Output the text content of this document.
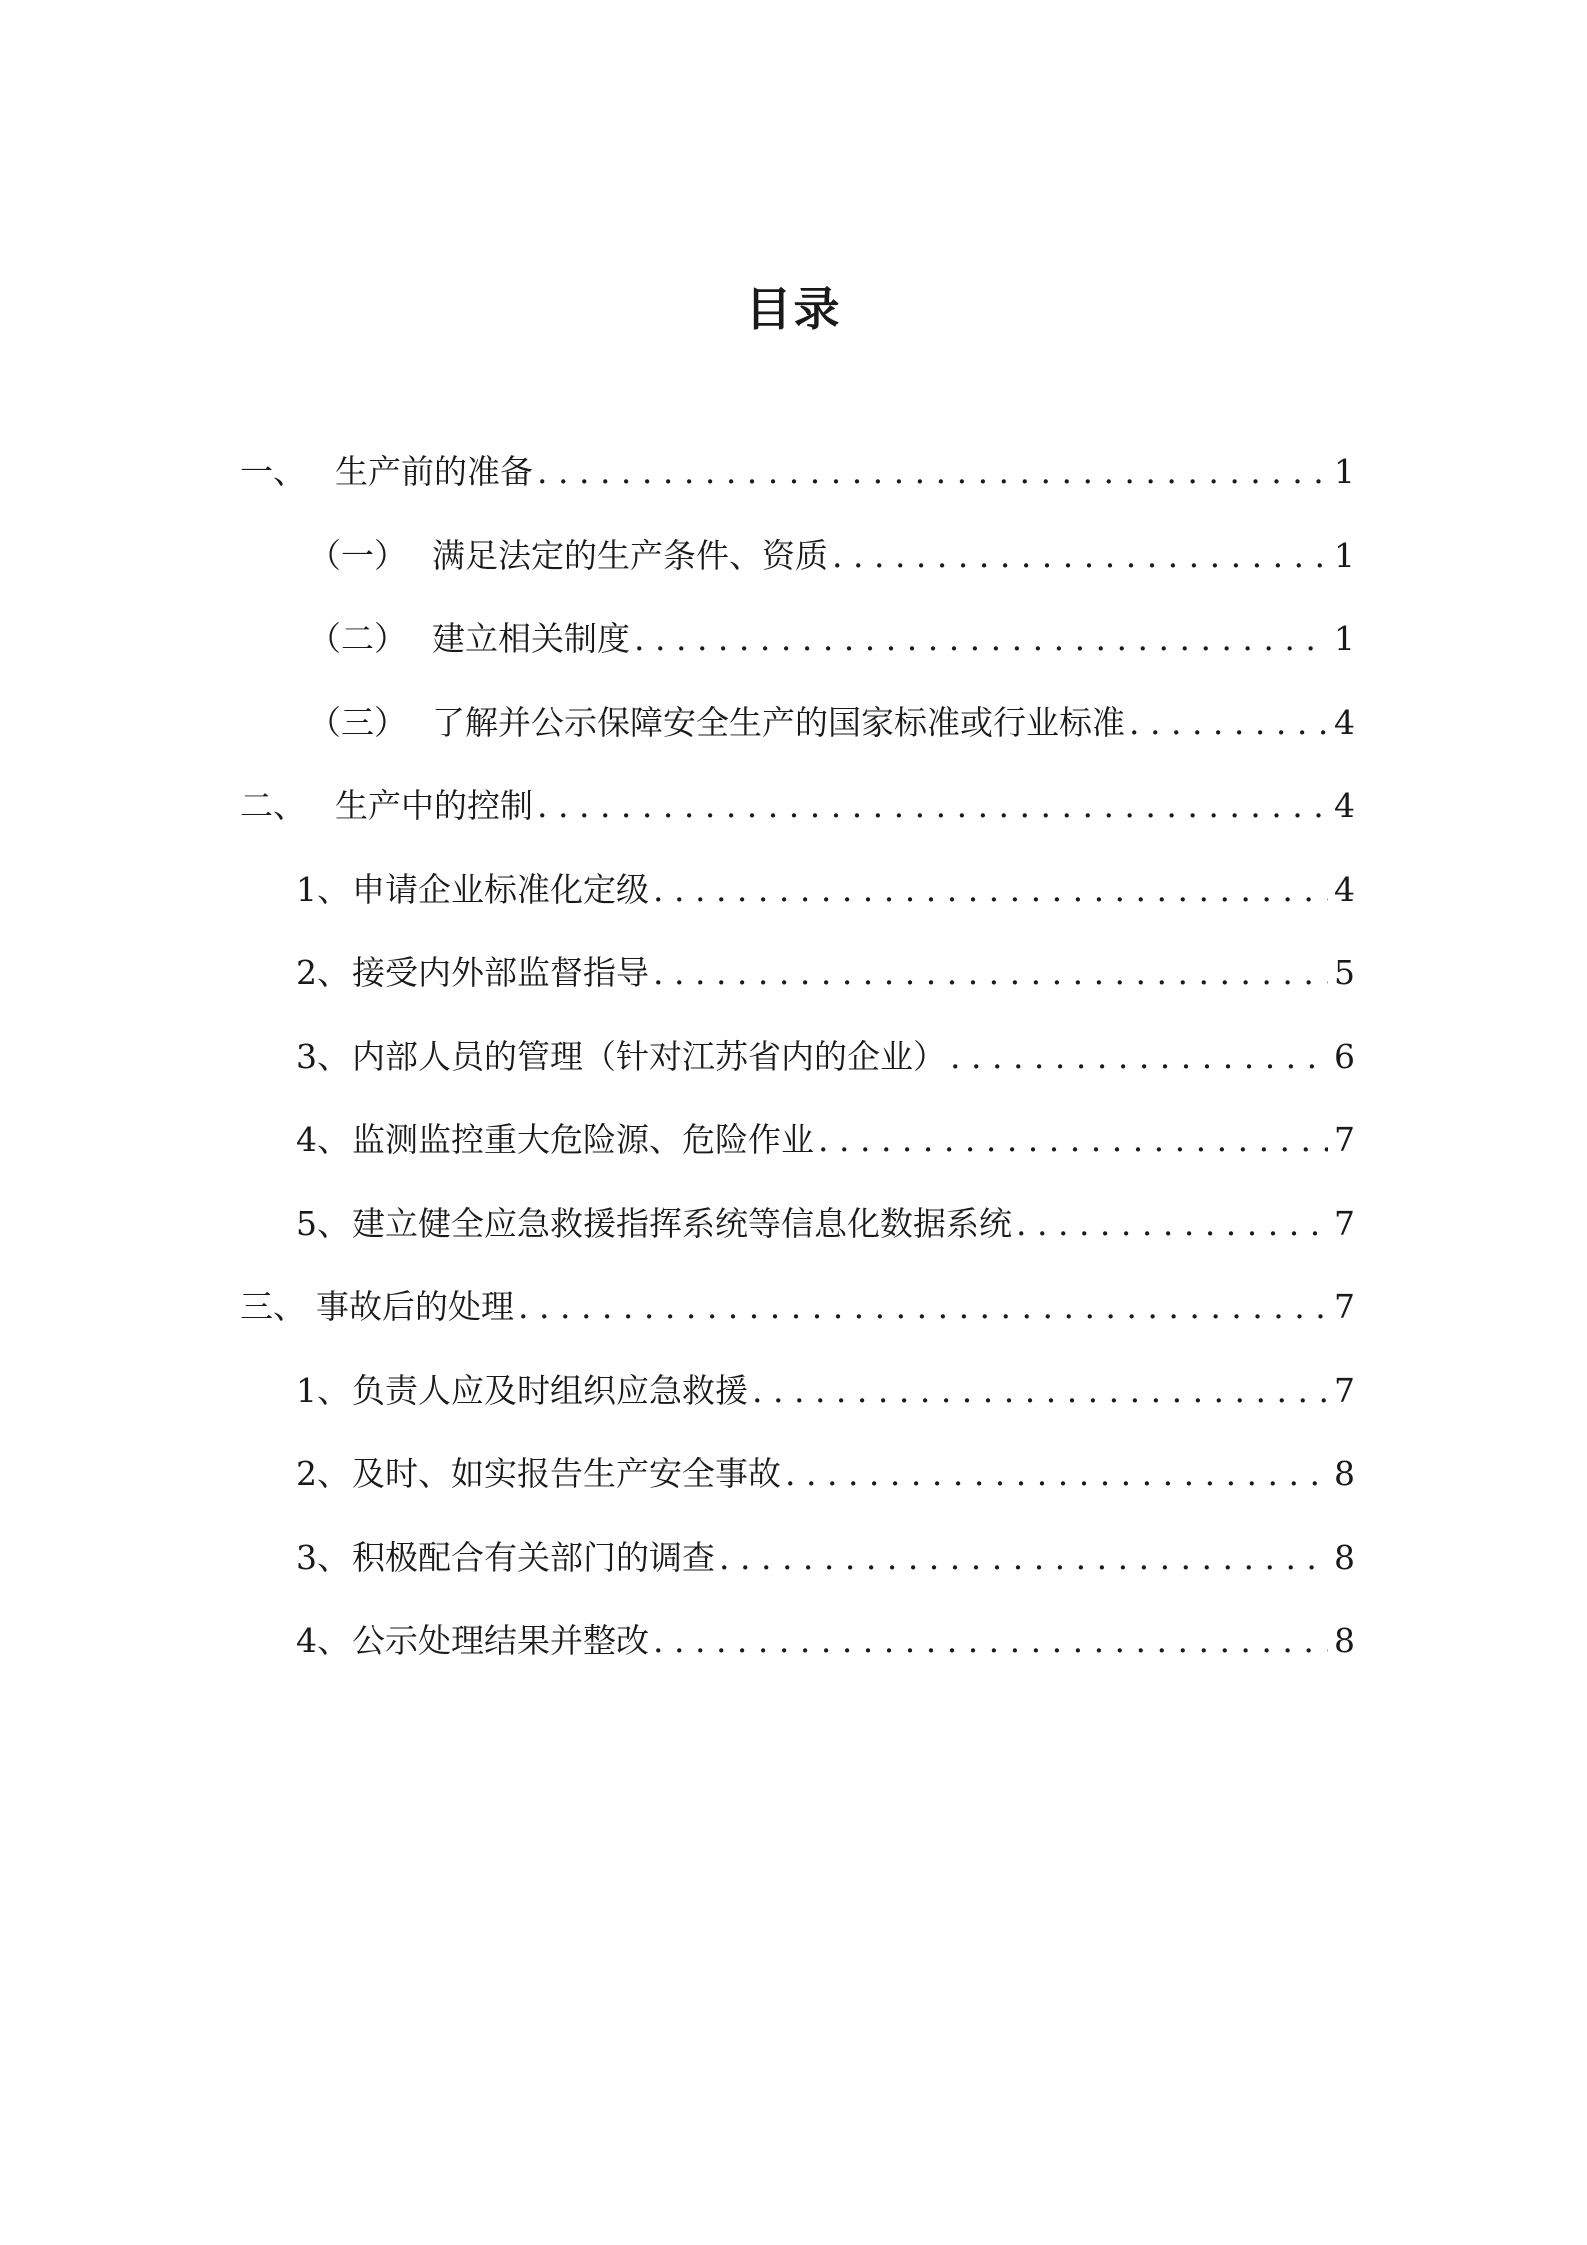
目录
一、 生产前的准备 . . .	1
（一） 满足法定的生产条件、资质 . . .	1
（二） 建立相关制度 . . .	1
（三） 了解并公示保障安全生产的国家标准或行业标准 . . .	4
二、 生产中的控制 . . .	4
1、 申请企业标准化定级 . . .	4
2、 接受内外部监督指导 . . .	5
3、 内部人员的管理（针对江苏省内的企业） . . .	6
4、 监测监控重大危险源、危险作业 . . .	7
5、 建立健全应急救援指挥系统等信息化数据系统 . . .	7
三、 事故后的处理 . . .	7
1、 负责人应及时组织应急救援 . . .	7
2、 及时、如实报告生产安全事故 . . .	8
3、 积极配合有关部门的调查 . . .	8
4、 公示处理结果并整改 . . .	8
